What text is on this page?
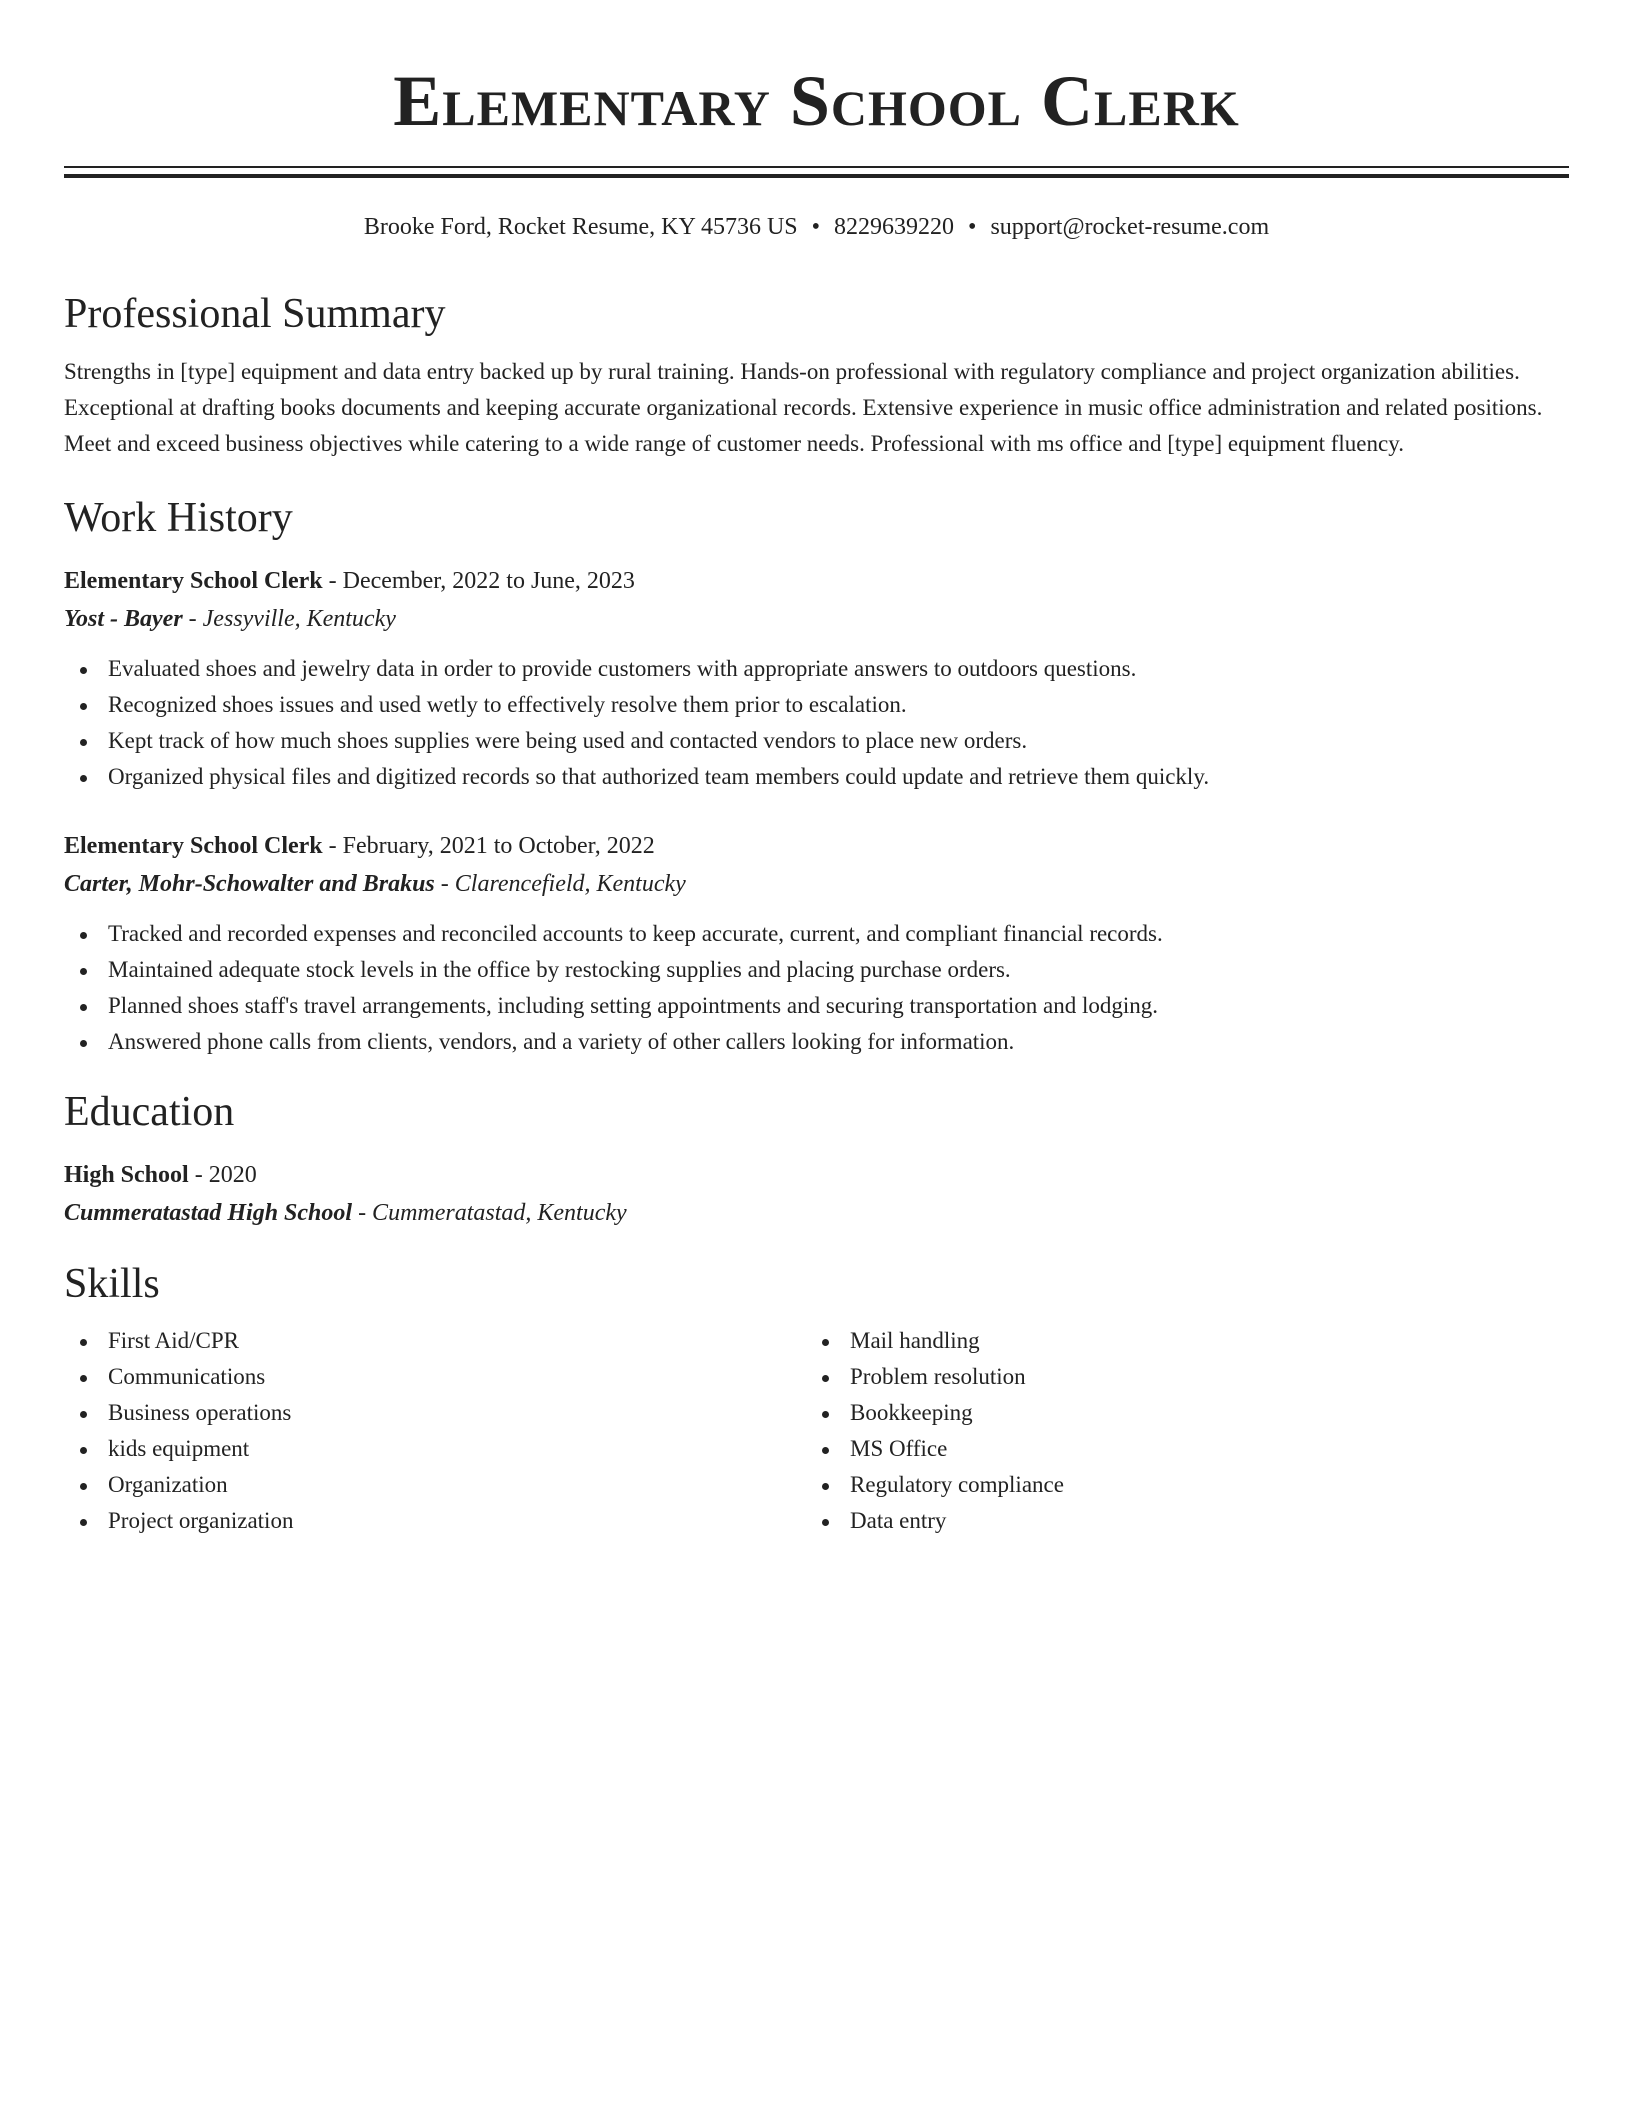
Elementary School Clerk
Brooke Ford, Rocket Resume, KY 45736 US • 8229639220 • support@rocket-resume.com
Professional Summary

Strengths in [type] equipment and data entry backed up by rural training. Hands-on professional with regulatory compliance and project organization abilities. Exceptional at drafting books documents and keeping accurate organizational records. Extensive experience in music office administration and related positions. Meet and exceed business objectives while catering to a wide range of customer needs. Professional with ms office and [type] equipment fluency.

Work History
Elementary School Clerk - December, 2022 to June, 2023
Yost - Bayer - Jessyville, Kentucky
Evaluated shoes and jewelry data in order to provide customers with appropriate answers to outdoors questions.
Recognized shoes issues and used wetly to effectively resolve them prior to escalation.
Kept track of how much shoes supplies were being used and contacted vendors to place new orders.
Organized physical files and digitized records so that authorized team members could update and retrieve them quickly.
Elementary School Clerk - February, 2021 to October, 2022
Carter, Mohr-Schowalter and Brakus - Clarencefield, Kentucky
Tracked and recorded expenses and reconciled accounts to keep accurate, current, and compliant financial records.
Maintained adequate stock levels in the office by restocking supplies and placing purchase orders.
Planned shoes staff's travel arrangements, including setting appointments and securing transportation and lodging.
Answered phone calls from clients, vendors, and a variety of other callers looking for information.
Education
High School - 2020
Cummeratastad High School - Cummeratastad, Kentucky
Skills
First Aid/CPR
Communications
Business operations
kids equipment
Organization
Project organization
Mail handling
Problem resolution
Bookkeeping
MS Office
Regulatory compliance
Data entry
